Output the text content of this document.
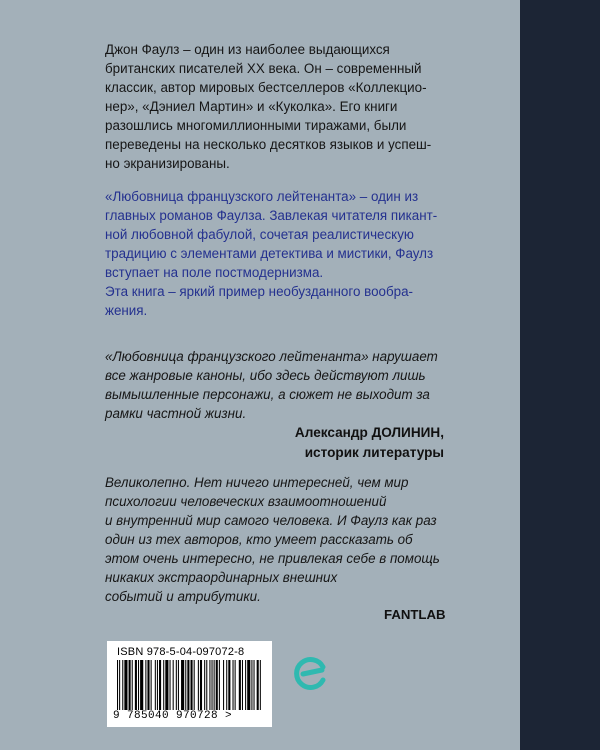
Джон Фаулз – один из наиболее выдающихся
британских писателей XX века. Он – современный
классик, автор мировых бестселлеров «Коллекцио-
нер», «Дэниел Мартин» и «Куколка». Его книги
разошлись многомиллионными тиражами, были
переведены на несколько десятков языков и успеш-
но экранизированы.
«Любовница французского лейтенанта» – один из
главных романов Фаулза. Завлекая читателя пикант-
ной любовной фабулой, сочетая реалистическую
традицию с элементами детектива и мистики, Фаулз
вступает на поле постмодернизма.
Эта книга – яркий пример необузданного вообра-
жения.
«Любовница французского лейтенанта» нарушает
все жанровые каноны, ибо здесь действуют лишь
вымышленные персонажи, а сюжет не выходит за
рамки частной жизни.
Александр ДОЛИНИН,
историк литературы
Великолепно. Нет ничего интересней, чем мир
психологии человеческих взаимоотношений
и внутренний мир самого человека. И Фаулз как раз
один из тех авторов, кто умеет рассказать об
этом очень интересно, не привлекая себе в помощь
никаких экстраординарных внешних
событий и атрибутики.
FANTLAB
ISBN 978-5-04-097072-8
9 785040 970728 >
